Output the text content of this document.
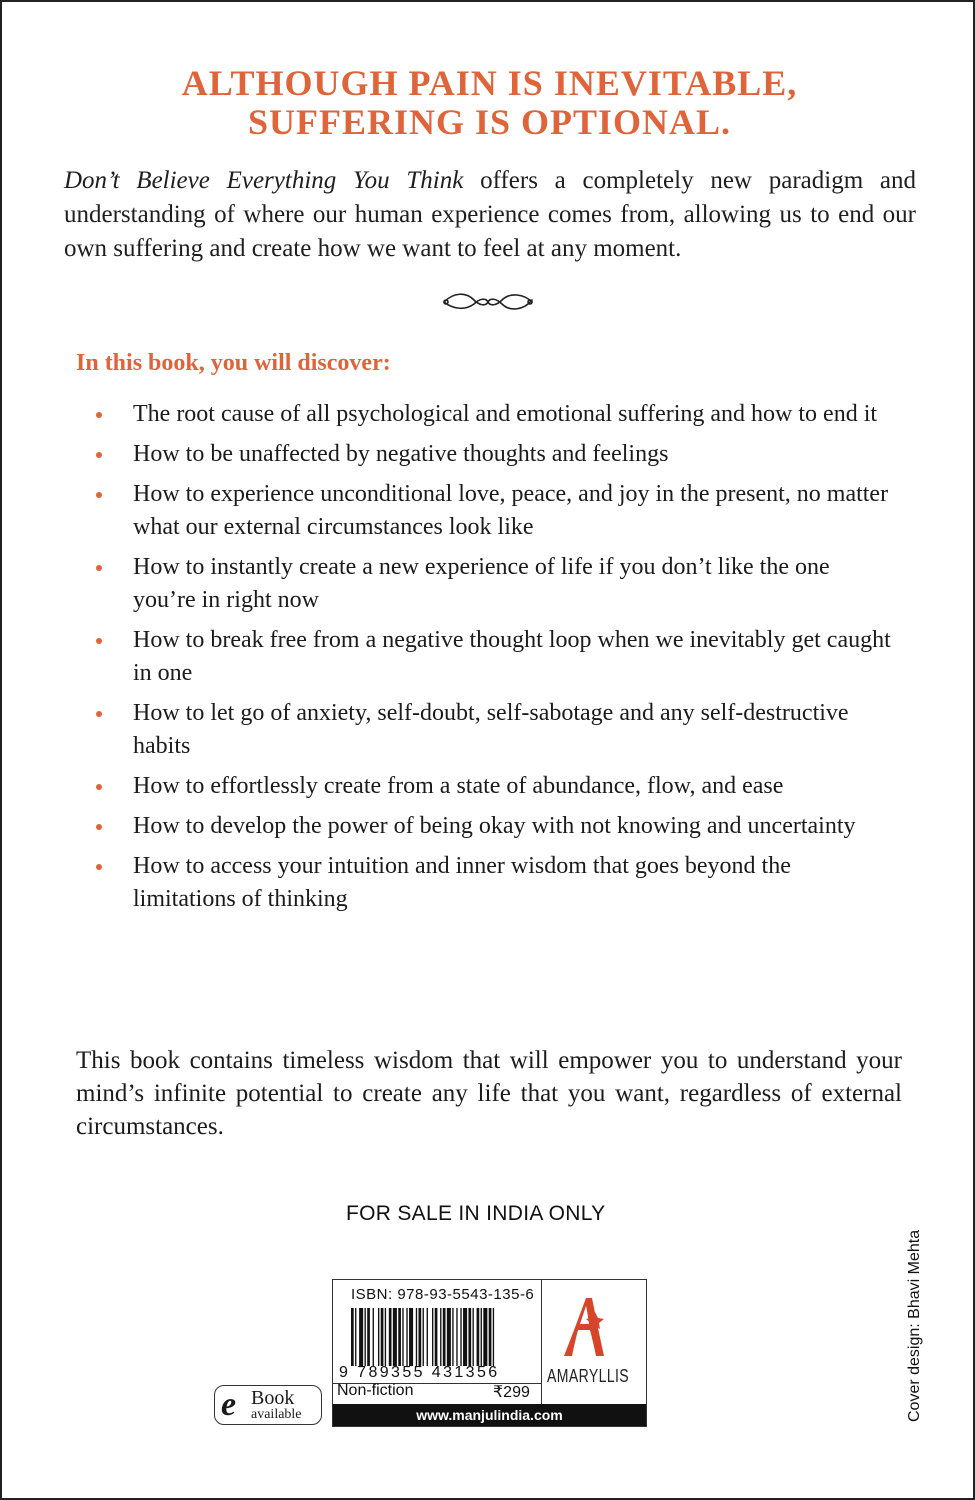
ALTHOUGH PAIN IS INEVITABLE,
SUFFERING IS OPTIONAL.

Don’t Believe Everything You Think offers a completely new paradigm and understanding of where our human experience comes from, allowing us to end our own suffering and create how we want to feel at any moment.

In this book, you will discover:
The root cause of all psychological and emotional suffering and how to end it
How to be unaffected by negative thoughts and feelings
How to experience unconditional love, peace, and joy in the present, no matter what our external circumstances look like
How to instantly create a new experience of life if you don’t like the one you’re in right now
How to break free from a negative thought loop when we inevitably get caught in one
How to let go of anxiety, self-doubt, self-sabotage and any self-destructive habits
How to effortlessly create from a state of abundance, flow, and ease
How to develop the power of being okay with not knowing and uncertainty
How to access your intuition and inner wisdom that goes beyond the limitations of thinking

This book contains timeless wisdom that will empower you to understand your mind’s infinite potential to create any life that you want, regardless of external circumstances.

FOR SALE IN INDIA ONLY
Cover design: Bhavi Mehta
e Book
available
ISBN: 978-93-5543-135-6
9 789355 431356
Non-fiction	₹299
AMARYLLIS
www.manjulindia.com
